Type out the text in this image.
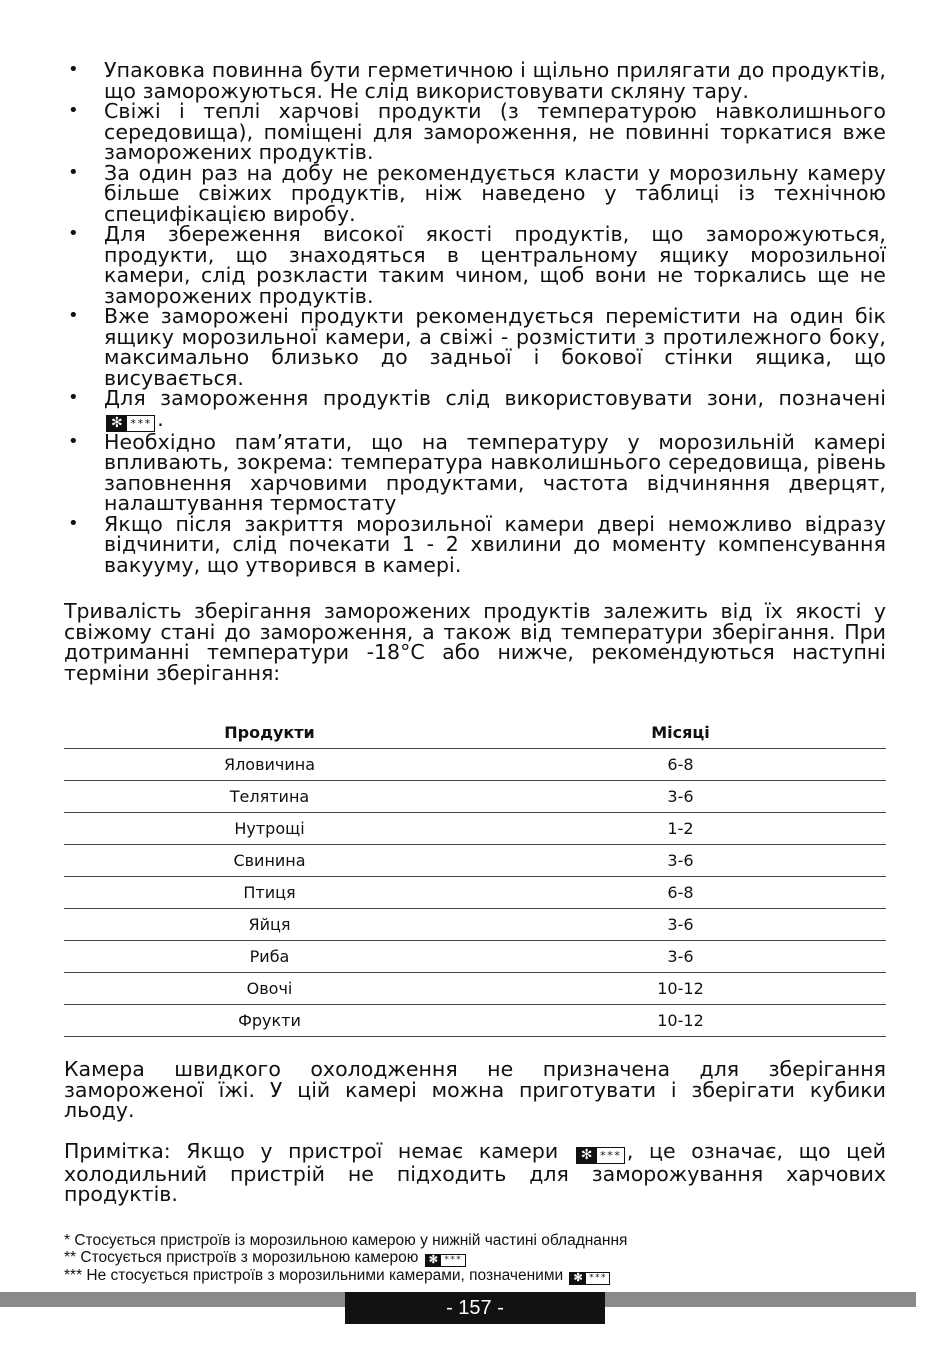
• Упаковка повинна бути герметичною і щільно прилягати до продуктів, що заморожуються. Не слід використовувати скляну тару.
• Свіжі і теплі харчові продукти (з температурою навколишнього середовища), поміщені для замороження, не повинні торкатися вже заморожених продуктів.
• За один раз на добу не рекомендується класти у морозильну камеру більше свіжих продуктів, ніж наведено у таблиці із технічною специфікацією виробу.
• Для збереження високої якості продуктів, що заморожуються, продукти, що знаходяться в центральному ящику морозильної камери, слід розкласти таким чином, щоб вони не торкались ще не заморожених продуктів.
• Вже заморожені продукти рекомендується перемістити на один бік ящику морозильної камери, а свіжі - розмістити з протилежного боку, максимально близько до задньої і бокової стінки ящика, що висувається.
• Для замороження продуктів слід використовувати зони, позначені
✻ *** .
• Необхідно пам’ятати, що на температуру у морозильній камері впливають, зокрема: температура навколишнього середовища, рівень заповнення харчовими продуктами, частота відчиняння дверцят, налаштування термостату
• Якщо після закриття морозильної камери двері неможливо відразу відчинити, слід почекати 1 - 2 хвилини до моменту компенсування вакууму, що утворився в камері.

Тривалість зберігання заморожених продуктів залежить від їх якості у свіжому стані до замороження, а також від температури зберігання. При дотриманні температури -18°C або нижче, рекомендуються наступні терміни зберігання:

Продукти	Місяці
Яловичина	6-8
Телятина	3-6
Нутрощі	1-2
Свинина	3-6
Птиця	6-8
Яйця	3-6
Риба	3-6
Овочі	10-12
Фрукти	10-12

Камера швидкого охолодження не призначена для зберігання замороженої їжі. У цій камері можна приготувати і зберігати кубики льоду.

Примітка: Якщо у пристрої немає камери ✻ *** , це означає, що цей холодильний пристрій не підходить для заморожування харчових продуктів.

* Стосується пристроїв із морозильною камерою у нижній частині обладнання
** Стосується пристроїв з морозильною камерою ✻ ***
*** Не стосується пристроїв з морозильними камерами, позначеними ✻ ***
- 157 -
